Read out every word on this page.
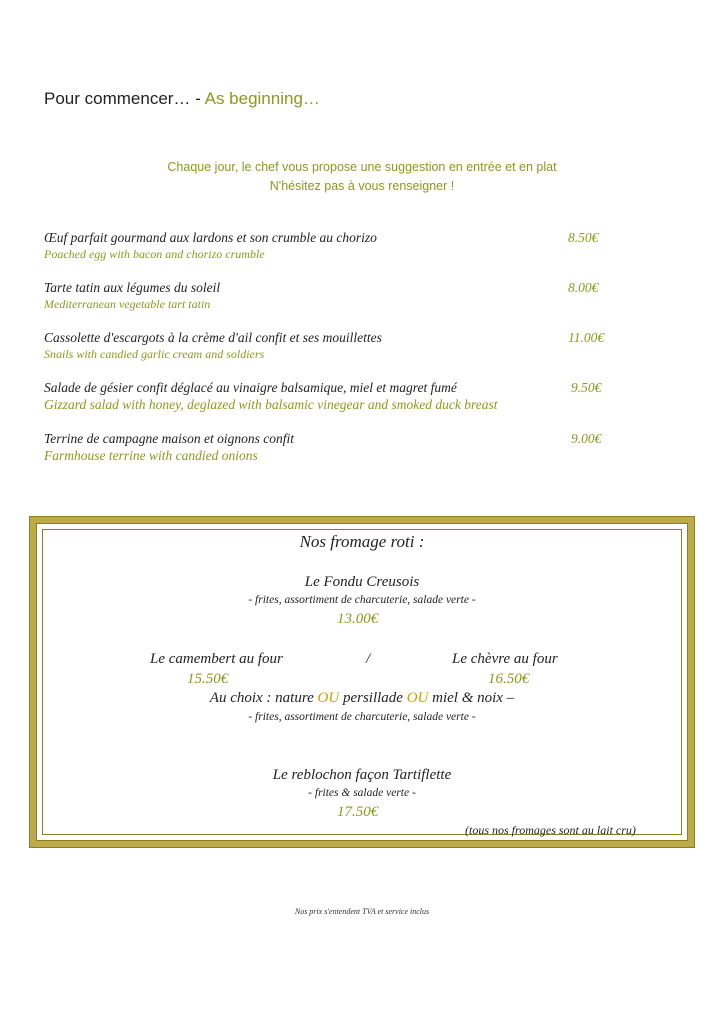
Pour commencer… - As beginning…
Chaque jour, le chef vous propose une suggestion en entrée et en plat
N'hésitez pas à vous renseigner !
Œuf parfait gourmand aux lardons et son crumble au chorizo
Poached egg with bacon and chorizo crumble
8.50€
Tarte tatin aux légumes du soleil
Mediterranean vegetable tart tatin
8.00€
Cassolette d'escargots à la crème d'ail confit et ses mouillettes
Snails with candied garlic cream and soldiers
11.00€
Salade de gésier confit déglacé au vinaigre balsamique, miel et magret fumé
Gizzard salad with honey, deglazed with balsamic vinegear and smoked duck breast
9.50€
Terrine de campagne maison et oignons confit
Farmhouse terrine with candied onions
9.00€
Nos fromage roti :
Le Fondu Creusois
- frites, assortiment de charcuterie, salade verte -
13.00€
Le camembert au four	/	Le chèvre au four
15.50€	16.50€
Au choix : nature OU persillade OU miel & noix –
- frites, assortiment de charcuterie, salade verte -
Le reblochon façon Tartiflette
- frites & salade verte -
17.50€
(tous nos fromages sont au lait cru)
Nos prix s'entendent TVA et service inclus
